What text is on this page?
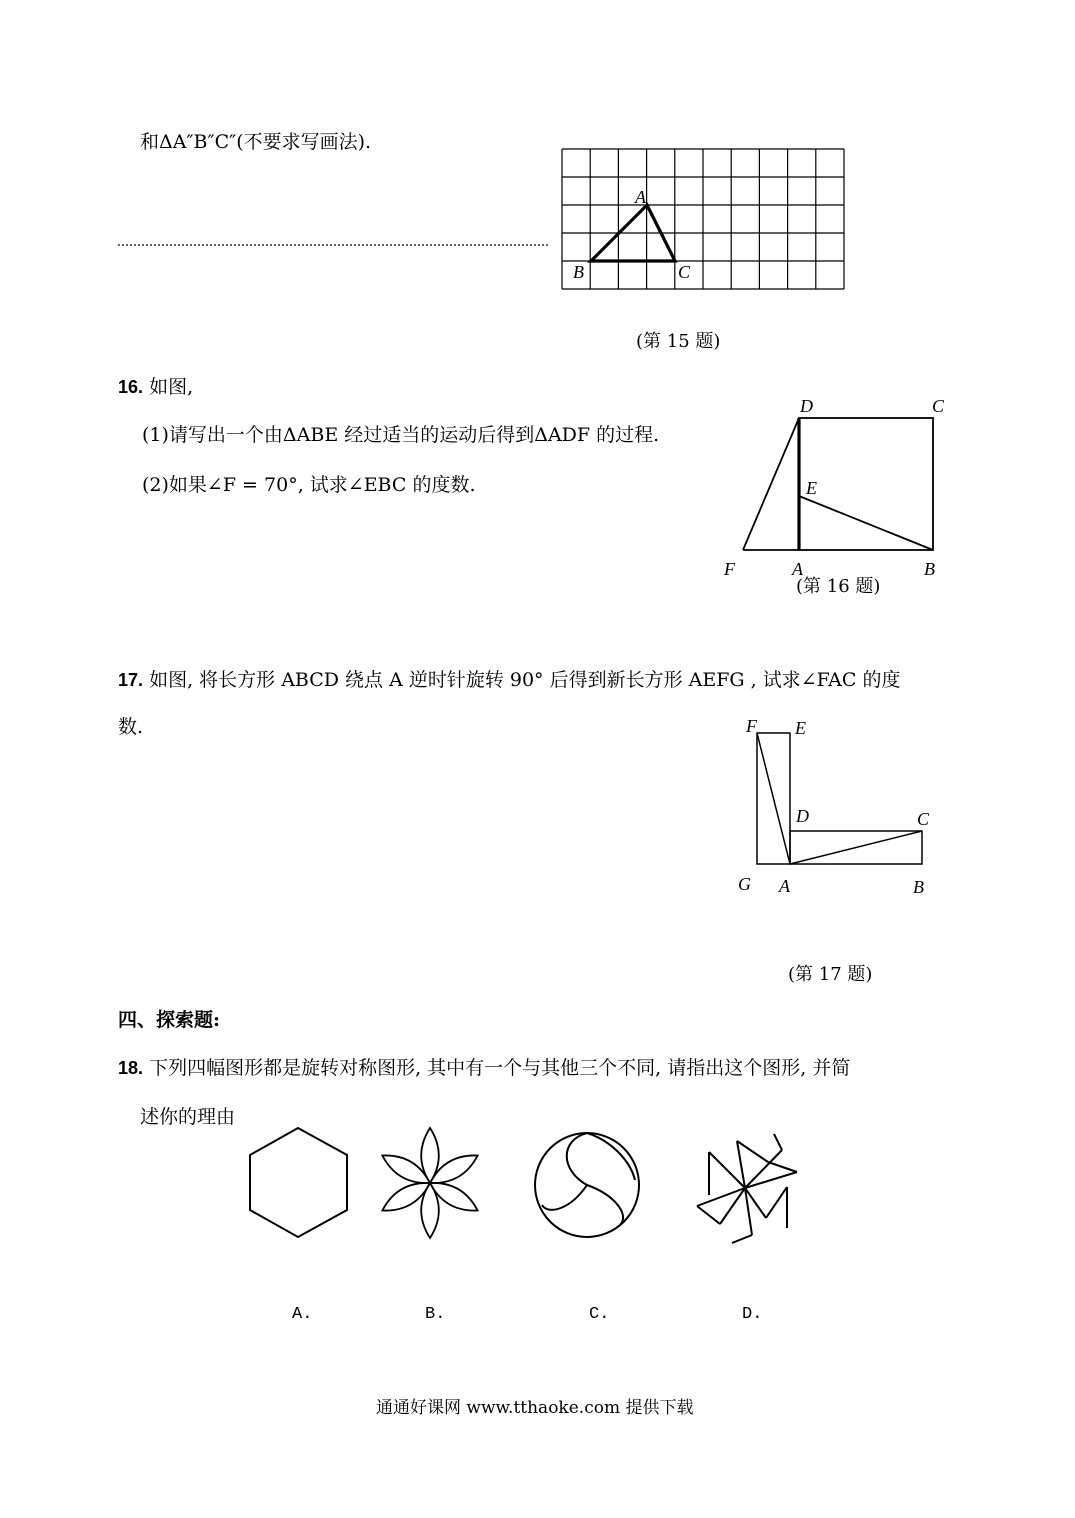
和ΔA″B″C″(不要求写画法).
A
B	C
(第 15 题)
16. 如图,
(1)请写出一个由ΔABE 经过适当的运动后得到ΔADF 的过程.
(2)如果∠F = 70°, 试求∠EBC 的度数.
D	C
E
F	A	B
(第 16 题)
17. 如图, 将长方形 ABCD 绕点 A 逆时针旋转 90° 后得到新长方形 AEFG , 试求∠FAC 的度
数.	F E
D	C
G A	B
(第 17 题)
四、探索题:
18. 下列四幅图形都是旋转对称图形, 其中有一个与其他三个不同, 请指出这个图形, 并简
述你的理由
A.	B.	C.	D.
通通好课网 www.tthaoke.com 提供下载
